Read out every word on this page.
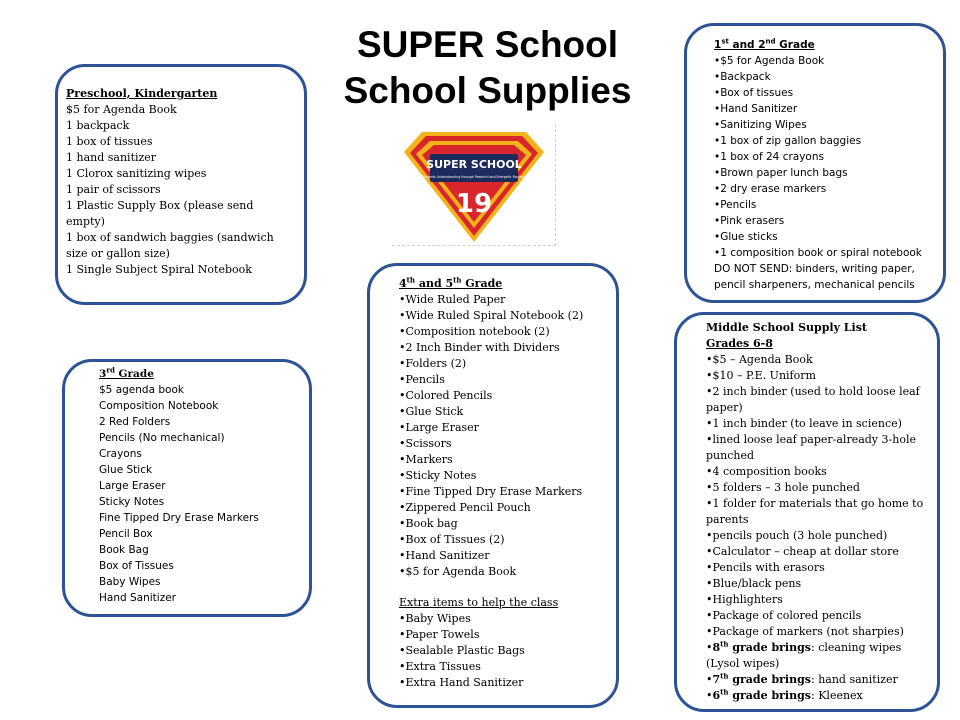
SUPER School
School Supplies
SUPER SCHOOL
Students Understanding through Powerful and Energetic Routines
19
Preschool, Kindergarten
$5 for Agenda Book
1 backpack
1 box of tissues
1 hand sanitizer
1 Clorox sanitizing wipes
1 pair of scissors
1 Plastic Supply Box (please send empty)
1 box of sandwich baggies (sandwich size or gallon size)
1 Single Subject Spiral Notebook
1st and 2nd Grade
• $5 for Agenda Book
• Backpack
• Box of tissues
• Hand Sanitizer
• Sanitizing Wipes
• 1 box of zip gallon baggies
• 1 box of 24 crayons
• Brown paper lunch bags
• 2 dry erase markers
• Pencils
• Pink erasers
• Glue sticks
• 1 composition book or spiral notebook
DO NOT SEND: binders, writing paper, pencil sharpeners, mechanical pencils
3rd Grade
$5 agenda book
Composition Notebook
2 Red Folders
Pencils (No mechanical)
Crayons
Glue Stick
Large Eraser
Sticky Notes
Fine Tipped Dry Erase Markers
Pencil Box
Book Bag
Box of Tissues
Baby Wipes
Hand Sanitizer
4th and 5th Grade
• Wide Ruled Paper
• Wide Ruled Spiral Notebook (2)
• Composition notebook (2)
• 2 Inch Binder with Dividers
• Folders (2)
• Pencils
• Colored Pencils
• Glue Stick
• Large Eraser
• Scissors
• Markers
• Sticky Notes
• Fine Tipped Dry Erase Markers
• Zippered Pencil Pouch
• Book bag
• Box of Tissues (2)
• Hand Sanitizer
• $5 for Agenda Book
Extra items to help the class
• Baby Wipes
• Paper Towels
• Sealable Plastic Bags
• Extra Tissues
• Extra Hand Sanitizer
Middle School Supply List
Grades 6-8
• $5 – Agenda Book
• $10 – P.E. Uniform
• 2 inch binder (used to hold loose leaf paper)
• 1 inch binder (to leave in science)
• lined loose leaf paper-already 3-hole punched
• 4 composition books
• 5 folders – 3 hole punched
• 1 folder for materials that go home to parents
• pencils pouch (3 hole punched)
• Calculator – cheap at dollar store
• Pencils with erasors
• Blue/black pens
• Highlighters
• Package of colored pencils
• Package of markers (not sharpies)
• 8th grade brings: cleaning wipes (Lysol wipes)
• 7th grade brings: hand sanitizer
• 6th grade brings: Kleenex
